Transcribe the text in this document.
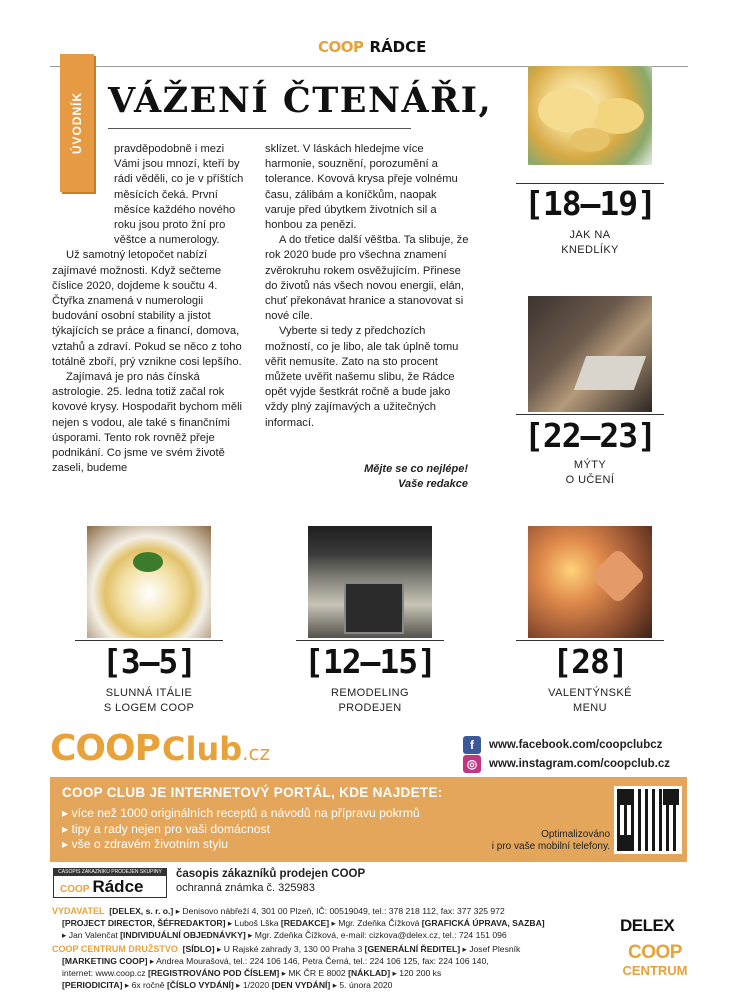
COOP RÁDCE
ÚVODNÍK VÁŽENÍ ČTENÁŘI,

pravděpodobně i mezi Vámi jsou mnozí, kteří by rádi věděli, co je v příštích měsících čeká. První měsíce každého nového roku jsou proto žní pro věštce a numerology.

Už samotný letopočet nabízí zajímavé možnosti. Když sečteme číslice 2020, dojdeme k součtu 4. Čtyřka znamená v numerologii budování osobní stability a jistot týkajících se práce a financí, domova, vztahů a zdraví. Pokud se něco z toho totálně zboří, prý vznikne cosi lepšího.

Zajímavá je pro nás čínská astrologie. 25. ledna totiž začal rok kovové krysy. Hospodařit bychom měli nejen s vodou, ale také s finančními úsporami. Tento rok rovněž přeje podnikání. Co jsme ve svém životě zaseli, budeme

sklízet. V láskách hledejme více harmonie, souznění, porozumění a tolerance. Kovová krysa přeje volnému času, zálibám a koníčkům, naopak varuje před úbytkem životních sil a honbou za penězi.

A do třetice další věštba. Ta slibuje, že rok 2020 bude pro všechna znamení zvěrokruhu rokem osvěžujícím. Přinese do životů nás všech novou energii, elán, chuť překonávat hranice a stanovovat si nové cíle.

Vyberte si tedy z předchozích možností, co je libo, ale tak úplně tomu věřit nemusíte. Zato na sto procent můžete uvěřit našemu slibu, že Rádce opět vyjde šestkrát ročně a bude jako vždy plný zajímavých a užitečných informací.

Mějte se co nejlépe!
Vaše redakce
[18–19]
JAK NA
KNEDLÍKY
[22–23]
MÝTY
O UČENÍ
[3–5]
SLUNNÁ ITÁLIE
S LOGEM COOP
[12–15]
REMODELING
PRODEJEN
[28]
VALENTÝNSKÉ
MENU
COOP Club .cz	f	www.facebook.com/coopclubcz
◎	www.instagram.com/coopclub.cz
COOP CLUB JE INTERNETOVÝ PORTÁL, KDE NAJDETE:
▸ více než 1000 originálních receptů a návodů na přípravu pokrmů
▸ tipy a rady nejen pro vaši domácnost
▸ vše o zdravém životním stylu
Optimalizováno
i pro vaše mobilní telefony.
ČASOPIS ZÁKAZNÍKŮ PRODEJEN SKUPINY
COOP Rádce
časopis zákazníků prodejen COOP
ochranná známka č. 325983
VYDAVATEL [DELEX, s. r. o.] ▸ Denisovo nábřeží 4, 301 00 Plzeň, IČ: 00519049, tel.: 378 218 112, fax: 377 325 972
[PROJECT DIRECTOR, ŠÉFREDAKTOR] ▸ Luboš Lška [REDAKCE] ▸ Mgr. Zdeňka Čížková [GRAFICKÁ ÚPRAVA, SAZBA]
▸ Jan Valenčat [INDIVIDUÁLNÍ OBJEDNÁVKY] ▸ Mgr. Zdeňka Čížková, e-mail: cizkova@delex.cz, tel.: 724 151 096
COOP CENTRUM DRUŽSTVO [SÍDLO] ▸ U Rajské zahrady 3, 130 00 Praha 3 [GENERÁLNÍ ŘEDITEL] ▸ Josef Plesník
[MARKETING COOP] ▸ Andrea Mourašová, tel.: 224 106 146, Petra Černá, tel.: 224 106 125, fax: 224 106 140,
internet: www.coop.cz [REGISTROVÁNO POD ČÍSLEM] ▸ MK ČR E 8002 [NÁKLAD] ▸ 120 200 ks
[PERIODICITA] ▸ 6x ročně [ČÍSLO VYDÁNÍ] ▸ 1/2020 [DEN VYDÁNÍ] ▸ 5. února 2020
DELEX
COOP
CENTRUM
